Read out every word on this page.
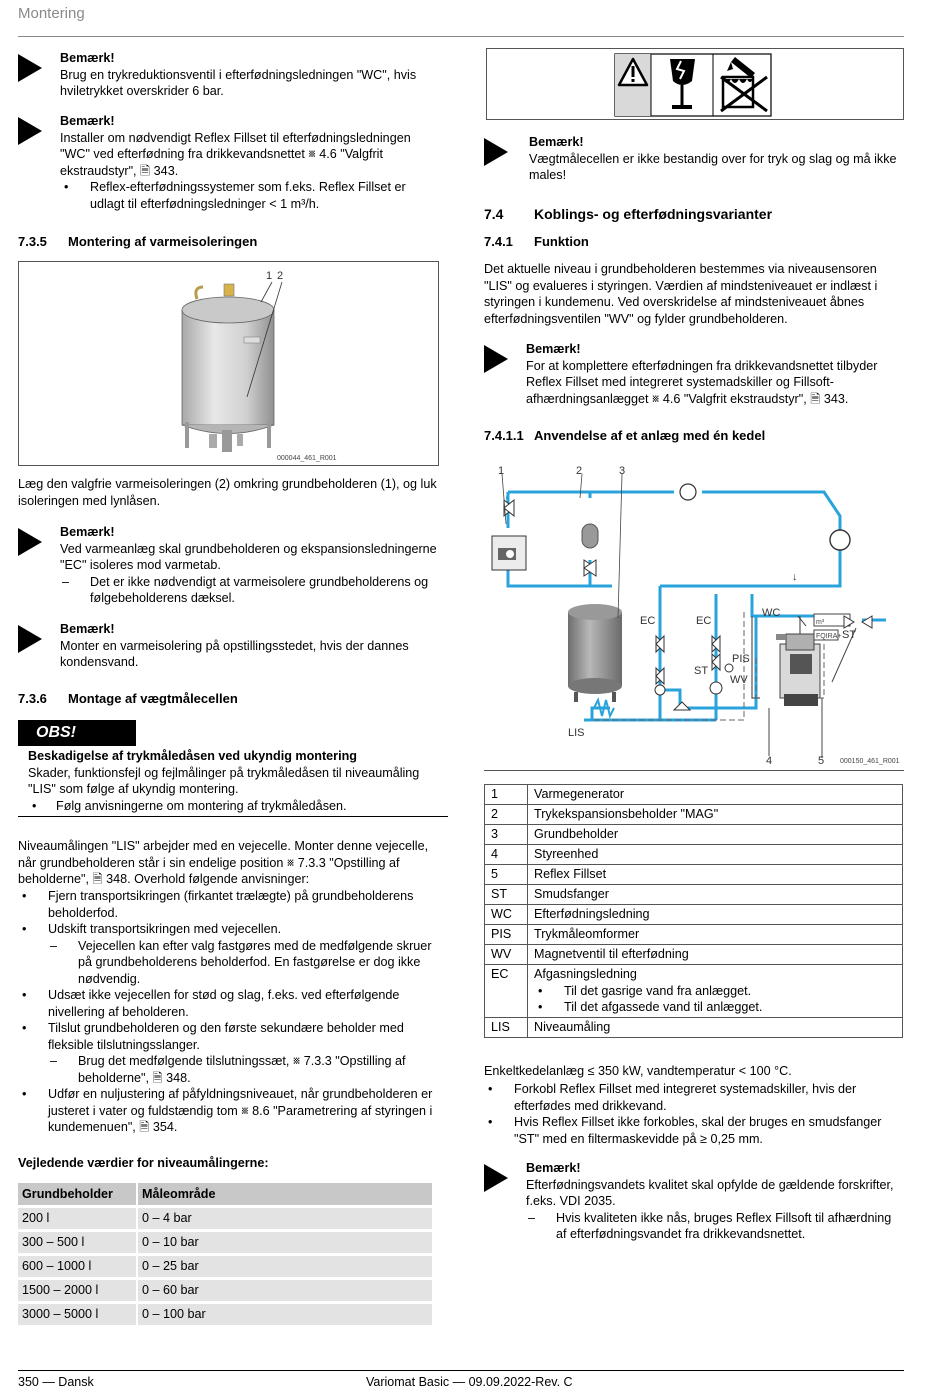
Montering

Bemærk!

Brug en trykreduktionsventil i efterfødningsledningen "WC", hvis hviletrykket overskrider 6 bar.

Bemærk!

Installer om nødvendigt Reflex Fillset til efterfødningsledningen "WC" ved efterfødning fra drikkevandsnettet ␧ 4.6 "Valgfrit ekstraudstyr", 🗎 343.

• Reflex-efterfødningssystemer som f.eks. Reflex Fillset er udlagt til efterfødningsledninger < 1 m³/h.

7.3.5 Montering af varmeisoleringen
1 2
000044_461_R001

Læg den valgfrie varmeisoleringen (2) omkring grundbeholderen (1), og luk isoleringen med lynlåsen.

Bemærk!

Ved varmeanlæg skal grundbeholderen og ekspansionsledningerne "EC" isoleres mod varmetab.

– Det er ikke nødvendigt at varmeisolere grundbeholderens og følgebeholderens dæksel.

Bemærk!

Monter en varmeisolering på opstillingsstedet, hvis der dannes kondensvand.

7.3.6 Montage af vægtmålecellen
OBS!

Beskadigelse af trykmåledåsen ved ukyndig montering

Skader, funktionsfejl og fejlmålinger på trykmåledåsen til niveaumåling "LIS" som følge af ukyndig montering.

• Følg anvisningerne om montering af trykmåledåsen.

Niveaumålingen "LIS" arbejder med en vejecelle. Monter denne vejecelle, når grundbeholderen står i sin endelige position ␧ 7.3.3 "Opstilling af beholderne", 🗎 348. Overhold følgende anvisninger:

• Fjern transportsikringen (firkantet trælægte) på grundbeholderens beholderfod.

• Udskift transportsikringen med vejecellen.

– Vejecellen kan efter valg fastgøres med de medfølgende skruer på grundbeholderens beholderfod. En fastgørelse er dog ikke nødvendig.

• Udsæt ikke vejecellen for stød og slag, f.eks. ved efterfølgende nivellering af beholderen.

• Tilslut grundbeholderen og den første sekundære beholder med fleksible tilslutningsslanger.

– Brug det medfølgende tilslutningssæt, ␧ 7.3.3 "Opstilling af beholderne", 🗎 348.

• Udfør en nuljustering af påfyldningsniveauet, når grundbeholderen er justeret i vater og fuldstændig tom ␧ 8.6 "Parametrering af styringen i kundemenuen", 🗎 354.

Vejledende værdier for niveaumålingerne:

Grundbeholder	Måleområde
200 l	0 – 4 bar
300 – 500 l	0 – 10 bar
600 – 1000 l	0 – 25 bar
1500 – 2000 l	0 – 60 bar
3000 – 5000 l	0 – 100 bar

Bemærk!

Vægtmålecellen er ikke bestandig over for tryk og slag og må ikke males!

7.4 Koblings- og efterfødningsvarianter
7.4.1 Funktion

Det aktuelle niveau i grundbeholderen bestemmes via niveausensoren "LIS" og evalueres i styringen. Værdien af mindsteniveauet er indlæst i styringen i kundemenu. Ved overskridelse af mindsteniveauet åbnes efterfødningsventilen "WV" og fylder grundbeholderen.

Bemærk!

For at komplettere efterfødningen fra drikkevandsnettet tilbyder Reflex Fillset med integreret systemadskiller og Fillsoft-afhærdningsanlægget ␧ 4.6 "Valgfrit ekstraudstyr", 🗎 343.

7.4.1.1 Anvendelse af et anlæg med én kedel
1	2	3
4	5
EC	EC
WC
ST
ST
PIS
WV
LIS
m³
FQIRA+
000150_461_R001
↓
1	Varmegenerator
2	Trykekspansionsbeholder "MAG"
3	Grundbeholder
4	Styreenhed
5	Reflex Fillset
ST	Smudsfanger
WC	Efterfødningsledning
PIS	Trykmåleomformer
WV	Magnetventil til efterfødning
EC	Afgasningsledning

• Til det gasrige vand fra anlægget.

• Til det afgassede vand til anlægget.

LIS	Niveaumåling

Enkeltkedelanlæg ≤ 350 kW, vandtemperatur < 100 °C.

• Forkobl Reflex Fillset med integreret systemadskiller, hvis der efterfødes med drikkevand.

• Hvis Reflex Fillset ikke forkobles, skal der bruges en smudsfanger "ST" med en filtermaskevidde på ≥ 0,25 mm.

Bemærk!

Efterfødningsvandets kvalitet skal opfylde de gældende forskrifter, f.eks. VDI 2035.

– Hvis kvaliteten ikke nås, bruges Reflex Fillsoft til afhærdning af efterfødningsvandet fra drikkevandsnettet.

350 — Dansk	Variomat Basic — 09.09.2022-Rev. C
